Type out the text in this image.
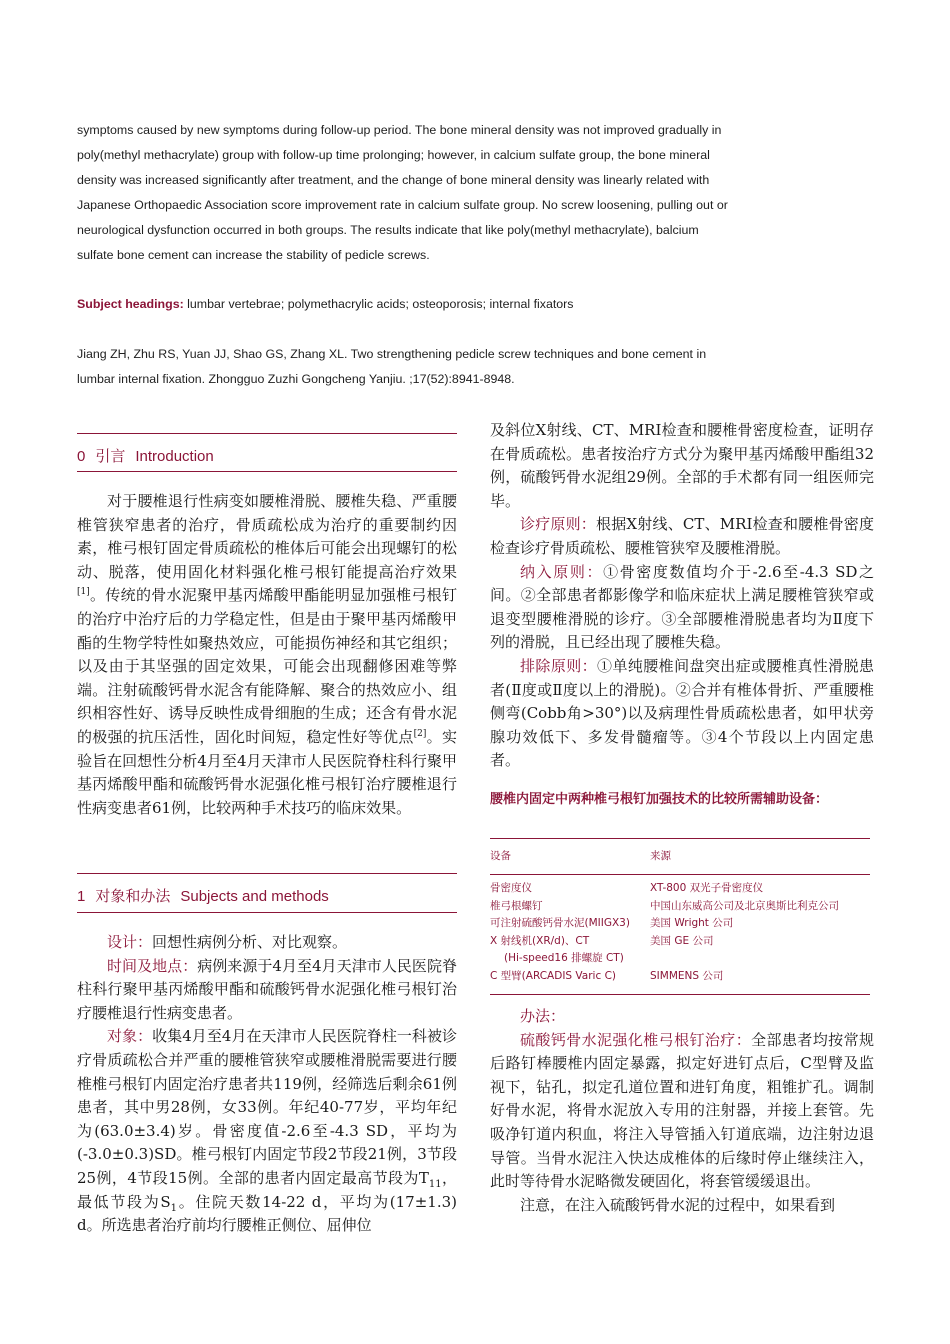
symptoms caused by new symptoms during follow-up period. The bone mineral density was not improved gradually in
poly(methyl methacrylate) group with follow-up time prolonging; however, in calcium sulfate group, the bone mineral
density was increased significantly after treatment, and the change of bone mineral density was linearly related with
Japanese Orthopaedic Association score improvement rate in calcium sulfate group. No screw loosening, pulling out or
neurological dysfunction occurred in both groups. The results indicate that like poly(methyl methacrylate), balcium
sulfate bone cement can increase the stability of pedicle screws.
Subject headings: lumbar vertebrae; polymethacrylic acids; osteoporosis; internal fixators
Jiang ZH, Zhu RS, Yuan JJ, Shao GS, Zhang XL. Two strengthening pedicle screw techniques and bone cement in
lumbar internal fixation. Zhongguo Zuzhi Gongcheng Yanjiu. ;17(52):8941-8948.
0 引言 Introduction

对于腰椎退行性病变如腰椎滑脱、腰椎失稳、严重腰椎管狭窄患者的治疗，骨质疏松成为治疗的重要制约因素，椎弓根钉固定骨质疏松的椎体后可能会出现螺钉的松动、脱落，使用固化材料强化椎弓根钉能提高治疗效果[1]。传统的骨水泥聚甲基丙烯酸甲酯能明显加强椎弓根钉的治疗中治疗后的力学稳定性，但是由于聚甲基丙烯酸甲酯的生物学特性如聚热效应，可能损伤神经和其它组织；以及由于其坚强的固定效果，可能会出现翻修困难等弊端。注射硫酸钙骨水泥含有能降解、聚合的热效应小、组织相容性好、诱导反映性成骨细胞的生成；还含有骨水泥的极强的抗压活性，固化时间短，稳定性好等优点[2]。实验旨在回想性分析4月至4月天津市人民医院脊柱科行聚甲基丙烯酸甲酯和硫酸钙骨水泥强化椎弓根钉治疗腰椎退行性病变患者61例，比较两种手术技巧的临床效果。

1 对象和办法 Subjects and methods

设计：回想性病例分析、对比观察。

时间及地点：病例来源于4月至4月天津市人民医院脊柱科行聚甲基丙烯酸甲酯和硫酸钙骨水泥强化椎弓根钉治疗腰椎退行性病变患者。

对象：收集4月至4月在天津市人民医院脊柱一科被诊疗骨质疏松合并严重的腰椎管狭窄或腰椎滑脱需要进行腰椎椎弓根钉内固定治疗患者共119例，经筛选后剩余61例患者，其中男28例，女33例。年纪40-77岁，平均年纪为(63.0±3.4)岁。骨密度值-2.6至-4.3 SD，平均为(-3.0±0.3)SD。椎弓根钉内固定节段2节段21例，3节段25例，4节段15例。全部的患者内固定最高节段为$T_{11}$，最低节段为$S_1$。住院天数14-22 d，平均为(17±1.3) d。所选患者治疗前均行腰椎正侧位、屈伸位

及斜位X射线、CT、MRI检查和腰椎骨密度检查，证明存在骨质疏松。患者按治疗方式分为聚甲基丙烯酸甲酯组32例，硫酸钙骨水泥组29例。全部的手术都有同一组医师完毕。

诊疗原则：根据X射线、CT、MRI检查和腰椎骨密度检查诊疗骨质疏松、腰椎管狭窄及腰椎滑脱。

纳入原则：①骨密度数值均介于-2.6至-4.3 SD之间。②全部患者都影像学和临床症状上满足腰椎管狭窄或退变型腰椎滑脱的诊疗。③全部腰椎滑脱患者均为Ⅱ度下列的滑脱，且已经出现了腰椎失稳。

排除原则：①单纯腰椎间盘突出症或腰椎真性滑脱患者(Ⅱ度或Ⅱ度以上的滑脱)。②合并有椎体骨折、严重腰椎侧弯(Cobb角>30°)以及病理性骨质疏松患者，如甲状旁腺功效低下、多发骨髓瘤等。③4个节段以上内固定患者。

腰椎内固定中两种椎弓根钉加强技术的比较所需辅助设备：
设备	来源
骨密度仪	XT-800 双光子骨密度仪
椎弓根螺钉	中国山东威高公司及北京奥斯比利克公司
可注射硫酸钙骨水泥(MIIGX3) 美国 Wright 公司
X 射线机(XR/d)、CT	美国 GE 公司
(Hi-speed16 排螺旋 CT)
C 型臂(ARCADIS Varic C)	SIMMENS 公司

办法：

硫酸钙骨水泥强化椎弓根钉治疗：全部患者均按常规后路钉棒腰椎内固定暴露，拟定好进钉点后，C型臂及监视下，钻孔，拟定孔道位置和进钉角度，粗锥扩孔。调制好骨水泥，将骨水泥放入专用的注射器，并接上套管。先吸净钉道内积血，将注入导管插入钉道底端，边注射边退导管。当骨水泥注入快达成椎体的后缘时停止继续注入，此时等待骨水泥略微发硬固化，将套管缓缓退出。

注意，在注入硫酸钙骨水泥的过程中，如果看到
